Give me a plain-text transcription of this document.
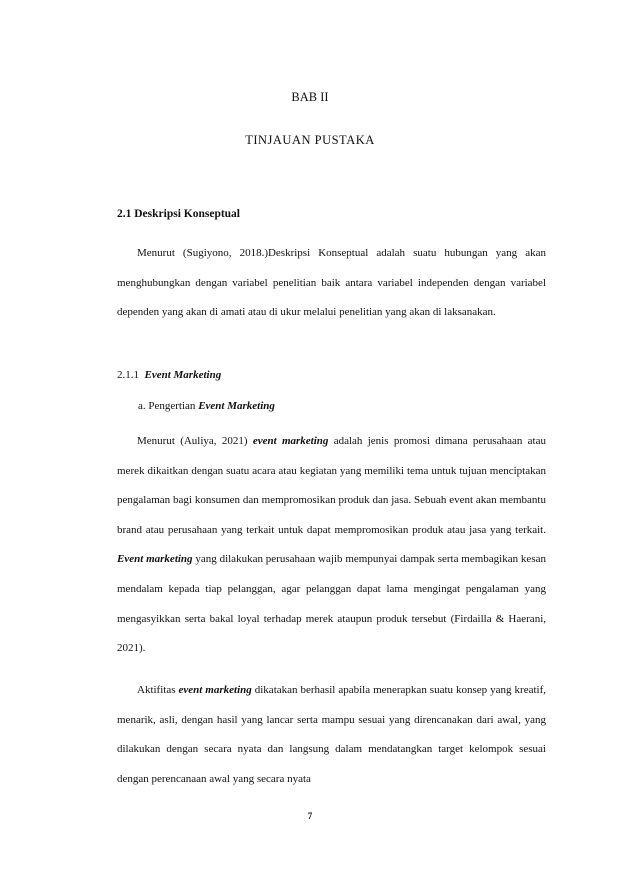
BAB II
TINJAUAN PUSTAKA
2.1 Deskripsi Konseptual
Menurut (Sugiyono, 2018.)Deskripsi Konseptual adalah suatu hubungan yang akan menghubungkan dengan variabel penelitian baik antara variabel independen dengan variabel dependen yang akan di amati atau di ukur melalui penelitian yang akan di laksanakan.
2.1.1 Event Marketing
a. Pengertian Event Marketing
Menurut (Auliya, 2021) event marketing adalah jenis promosi dimana perusahaan atau merek dikaitkan dengan suatu acara atau kegiatan yang memiliki tema untuk tujuan menciptakan pengalaman bagi konsumen dan mempromosikan produk dan jasa. Sebuah event akan membantu brand atau perusahaan yang terkait untuk dapat mempromosikan produk atau jasa yang terkait. Event marketing yang dilakukan perusahaan wajib mempunyai dampak serta membagikan kesan mendalam kepada tiap pelanggan, agar pelanggan dapat lama mengingat pengalaman yang mengasyikkan serta bakal loyal terhadap merek ataupun produk tersebut (Firdailla & Haerani, 2021).
Aktifitas event marketing dikatakan berhasil apabila menerapkan suatu konsep yang kreatif, menarik, asli, dengan hasil yang lancar serta mampu sesuai yang direncanakan dari awal, yang dilakukan dengan secara nyata dan langsung dalam mendatangkan target kelompok sesuai dengan perencanaan awal yang secara nyata
7
